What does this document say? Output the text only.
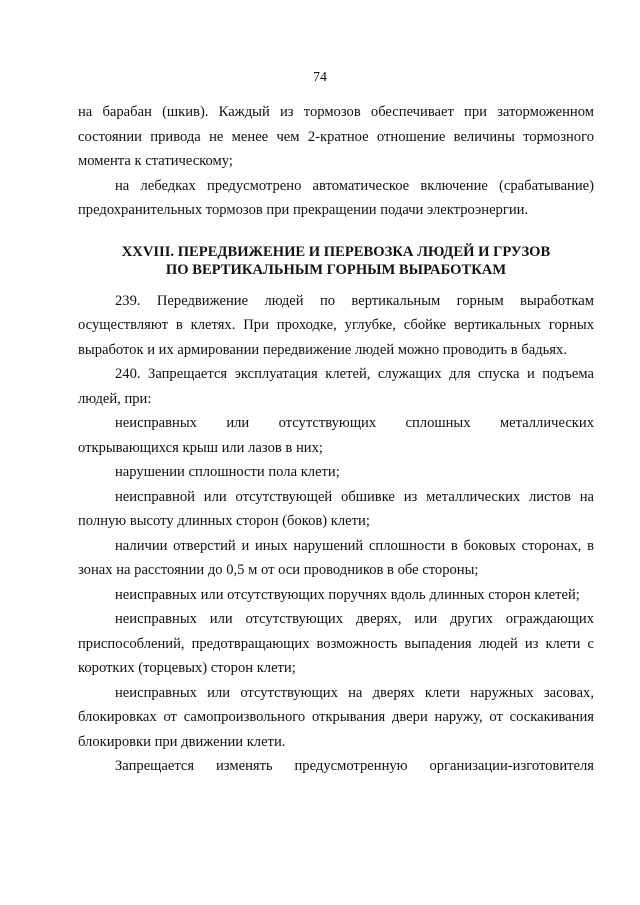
74

на барабан (шкив). Каждый из тормозов обеспечивает при заторможенном состоянии привода не менее чем 2-кратное отношение величины тормозного момента к статическому;

на лебедках предусмотрено автоматическое включение (срабатывание) предохранительных тормозов при прекращении подачи электроэнергии.

XXVIII. ПЕРЕДВИЖЕНИЕ И ПЕРЕВОЗКА ЛЮДЕЙ И ГРУЗОВ
ПО ВЕРТИКАЛЬНЫМ ГОРНЫМ ВЫРАБОТКАМ

239. Передвижение людей по вертикальным горным выработкам осуществляют в клетях. При проходке, углубке, сбойке вертикальных горных выработок и их армировании передвижение людей можно проводить в бадьях.

240. Запрещается эксплуатация клетей, служащих для спуска и подъема людей, при:

неисправных или отсутствующих сплошных металлических открывающихся крыш или лазов в них;

нарушении сплошности пола клети;

неисправной или отсутствующей обшивке из металлических листов на полную высоту длинных сторон (боков) клети;

наличии отверстий и иных нарушений сплошности в боковых сторонах, в зонах на расстоянии до 0,5 м от оси проводников в обе стороны;

неисправных или отсутствующих поручнях вдоль длинных сторон клетей;

неисправных или отсутствующих дверях, или других ограждающих приспособлений, предотвращающих возможность выпадения людей из клети с коротких (торцевых) сторон клети;

неисправных или отсутствующих на дверях клети наружных засовах, блокировках от самопроизвольного открывания двери наружу, от соскакивания блокировки при движении клети.

Запрещается изменять предусмотренную организации-изготовителя
